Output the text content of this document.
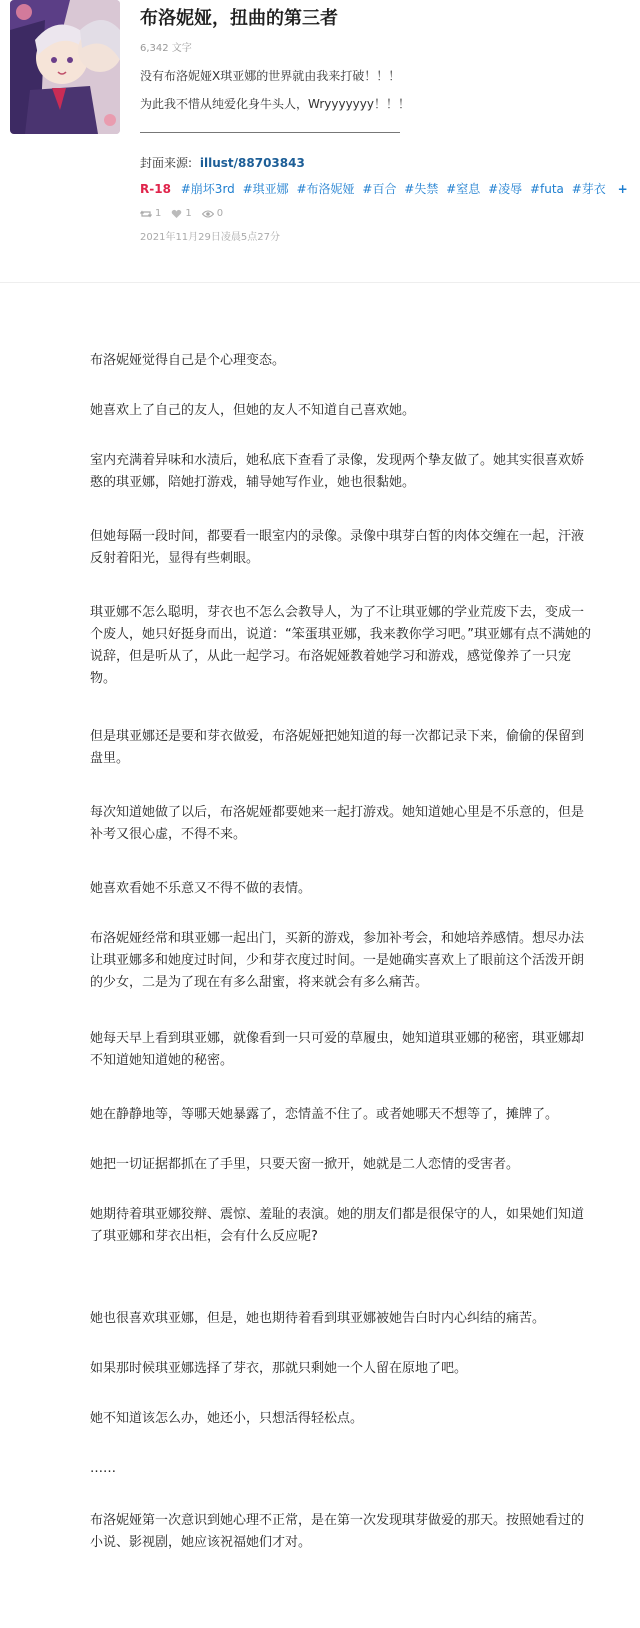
布洛妮娅，扭曲的第三者
6,342 文字
没有布洛妮娅X琪亚娜的世界就由我来打破！！！
为此我不惜从纯爱化身牛头人，Wryyyyyyy！！！
封面来源: illust/88703843
R-18 #崩坏3rd #琪亚娜 #布洛妮娅 #百合 #失禁 #窒息 #凌辱 #futa #芽衣 +
1 1	0
2021年11月29日凌晨5点27分

布洛妮娅觉得自己是个心理变态。

她喜欢上了自己的友人，但她的友人不知道自己喜欢她。

室内充满着异味和水渍后，她私底下查看了录像，发现两个挚友做了。她其实很喜欢娇憨的琪亚娜，陪她打游戏，辅导她写作业，她也很黏她。

但她每隔一段时间，都要看一眼室内的录像。录像中琪芽白皙的肉体交缠在一起，汗液反射着阳光，显得有些刺眼。

琪亚娜不怎么聪明，芽衣也不怎么会教导人，为了不让琪亚娜的学业荒废下去，变成一个废人，她只好挺身而出，说道：“笨蛋琪亚娜，我来教你学习吧。”琪亚娜有点不满她的说辞，但是听从了，从此一起学习。布洛妮娅教着她学习和游戏，感觉像养了一只宠物。

但是琪亚娜还是要和芽衣做爱，布洛妮娅把她知道的每一次都记录下来，偷偷的保留到盘里。

每次知道她做了以后，布洛妮娅都要她来一起打游戏。她知道她心里是不乐意的，但是补考又很心虚，不得不来。

她喜欢看她不乐意又不得不做的表情。

布洛妮娅经常和琪亚娜一起出门，买新的游戏，参加补考会，和她培养感情。想尽办法让琪亚娜多和她度过时间，少和芽衣度过时间。一是她确实喜欢上了眼前这个活泼开朗的少女，二是为了现在有多么甜蜜，将来就会有多么痛苦。

她每天早上看到琪亚娜，就像看到一只可爱的草履虫，她知道琪亚娜的秘密，琪亚娜却不知道她知道她的秘密。

她在静静地等，等哪天她暴露了，恋情盖不住了。或者她哪天不想等了，摊牌了。

她把一切证据都抓在了手里，只要天窗一掀开，她就是二人恋情的受害者。

她期待着琪亚娜狡辩、震惊、羞耻的表演。她的朋友们都是很保守的人，如果她们知道了琪亚娜和芽衣出柜，会有什么反应呢?

她也很喜欢琪亚娜，但是，她也期待着看到琪亚娜被她告白时内心纠结的痛苦。

如果那时候琪亚娜选择了芽衣，那就只剩她一个人留在原地了吧。

她不知道该怎么办，她还小，只想活得轻松点。

……

布洛妮娅第一次意识到她心理不正常，是在第一次发现琪芽做爱的那天。按照她看过的小说、影视剧，她应该祝福她们才对。
